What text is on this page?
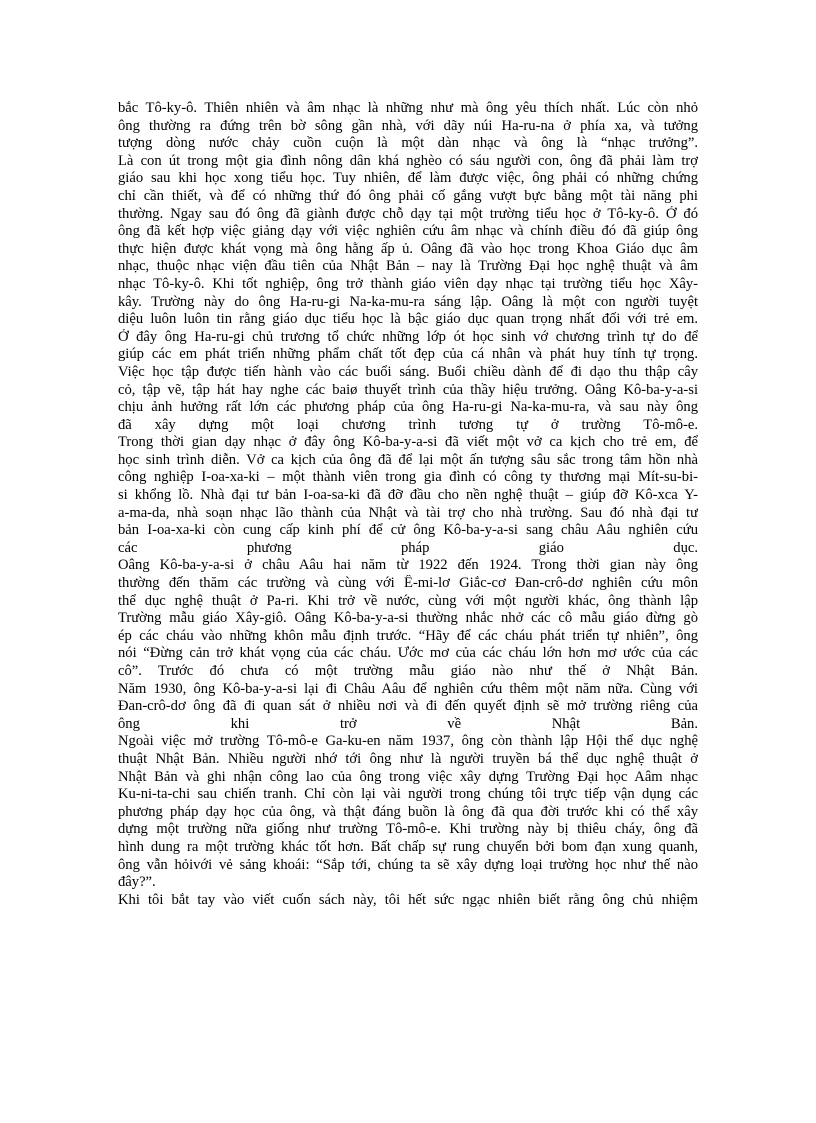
bắc Tô-ky-ô. Thiên nhiên và âm nhạc là những như mà ông yêu thích nhất. Lúc còn nhỏ
ông thường ra đứng trên bờ sông gần nhà, với dãy núi Ha-ru-na ở phía xa, và tưởng
tượng dòng nước chảy cuồn cuộn là một dàn nhạc và ông là “nhạc trưởng”.
Là con út trong một gia đình nông dân khá nghèo có sáu người con, ông đã phải làm trợ
giáo sau khi học xong tiểu học. Tuy nhiên, để làm được việc, ông phải có những chứng
chỉ cần thiết, và để có những thứ đó ông phải cố gắng vượt bực bằng một tài năng phi
thường. Ngay sau đó ông đã giành được chỗ dạy tại một trường tiểu học ở Tô-ky-ô. Ở đó
ông đã kết hợp việc giảng dạy với việc nghiên cứu âm nhạc và chính điều đó đã giúp ông
thực hiện được khát vọng mà ông hằng ấp ủ. Oâng đã vào học trong Khoa Giáo dục âm
nhạc, thuộc nhạc viện đầu tiên của Nhật Bản – nay là Trường Đại học nghệ thuật và âm
nhạc Tô-ky-ô. Khi tốt nghiệp, ông trở thành giáo viên dạy nhạc tại trường tiểu học Xây-
kây. Trường này do ông Ha-ru-gi Na-ka-mu-ra sáng lập. Oâng là một con người tuyệt
diệu luôn luôn tin rằng giáo dục tiểu học là bậc giáo dục quan trọng nhất đối với trẻ em.
Ở đây ông Ha-ru-gi chủ trương tổ chức những lớp ót học sinh vớ chương trình tự do để
giúp các em phát triển những phẩm chất tốt đẹp của cá nhân và phát huy tính tự trọng.
Việc học tập được tiến hành vào các buổi sáng. Buổi chiều dành để đi dạo thu thập cây
cỏ, tập vẽ, tập hát hay nghe các baiø thuyết trình của thầy hiệu trưởng. Oâng Kô-ba-y-a-si
chịu ảnh hưởng rất lớn các phương pháp của ông Ha-ru-gi Na-ka-mu-ra, và sau này ông
đã xây dựng một loại chương trình tương tự ở trường Tô-mô-e.
Trong thời gian dạy nhạc ở đây ông Kô-ba-y-a-si đã viết một vở ca kịch cho trẻ em, để
học sinh trình diễn. Vở ca kịch của ông đã để lại một ấn tượng sâu sắc trong tâm hồn nhà
công nghiệp I-oa-xa-ki – một thành viên trong gia đình có công ty thương mại Mít-su-bi-
si khổng lồ. Nhà đại tư bản I-oa-sa-ki đã đỡ đầu cho nền nghệ thuật – giúp đỡ Kô-xca Y-
a-ma-da, nhà soạn nhạc lão thành của Nhật và tài trợ cho nhà trường. Sau đó nhà đại tư
bản I-oa-xa-ki còn cung cấp kinh phí để cử ông Kô-ba-y-a-si sang châu Aâu nghiên cứu
các phương pháp giáo dục.
Oâng Kô-ba-y-a-si ở châu Aâu hai năm từ 1922 đến 1924. Trong thời gian này ông
thường đến thăm các trường và cùng với Ê-mi-lơ Giắc-cơ Đan-crô-dơ nghiên cứu môn
thể dục nghệ thuật ở Pa-ri. Khi trở về nước, cùng với một người khác, ông thành lập
Trường mẫu giáo Xây-giô. Oâng Kô-ba-y-a-si thường nhắc nhở các cô mẫu giáo đừng gò
ép các cháu vào những khôn mẫu định trước. “Hãy để các cháu phát triển tự nhiên”, ông
nói “Đừng cản trở khát vọng của các cháu. Ước mơ của các cháu lớn hơn mơ ước của các
cô”. Trước đó chưa có một trường mẫu giáo nào như thế ở Nhật Bản.
Năm 1930, ông Kô-ba-y-a-si lại đi Châu Aâu để nghiên cứu thêm một năm nữa. Cùng với
Đan-crô-dơ ông đã đi quan sát ở nhiều nơi và đi đến quyết định sẽ mở trường riêng của
ông khi trở về Nhật Bản.
Ngoài việc mở trường Tô-mô-e Ga-ku-en năm 1937, ông còn thành lập Hội thể dục nghệ
thuật Nhật Bản. Nhiều người nhớ tới ông như là người truyền bá thể dục nghệ thuật ở
Nhật Bản và ghi nhận công lao của ông trong việc xây dựng Trường Đại học Aâm nhạc
Ku-ni-ta-chi sau chiến tranh. Chỉ còn lại vài người trong chúng tôi trực tiếp vận dụng các
phương pháp dạy học của ông, và thật đáng buồn là ông đã qua đời trước khi có thể xây
dựng một trường nữa giống như trường Tô-mô-e. Khi trường này bị thiêu cháy, ông đã
hình dung ra một trường khác tốt hơn. Bất chấp sự rung chuyển bởi bom đạn xung quanh,
ông vẫn hỏivới vẻ sảng khoái: “Sắp tới, chúng ta sẽ xây dựng loại trường học như thế nào
đây?”.
Khi tôi bắt tay vào viết cuốn sách này, tôi hết sức ngạc nhiên biết rằng ông chủ nhiệm
